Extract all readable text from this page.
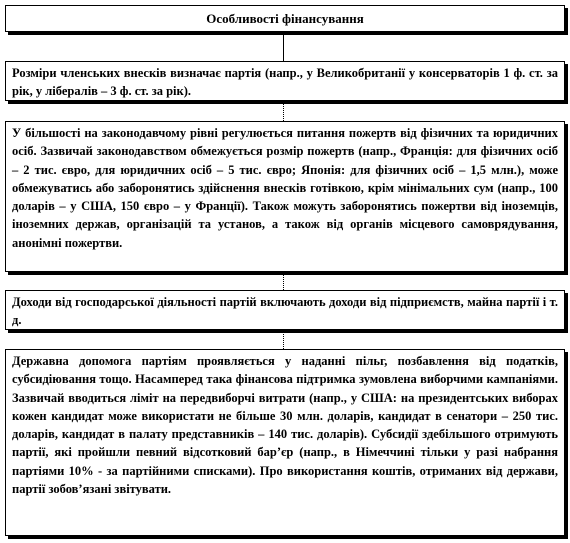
Особливості фінансування
Розміри членських внесків визначає партія (напр., у Великобританії у консерваторів 1 ф. ст. за рік, у лібералів – 3 ф. ст. за рік).
У більшості на законодавчому рівні регулюється питання пожертв від фізичних та юридичних осіб. Зазвичай законодавством обмежується розмір пожертв (напр., Франція: для фізичних осіб – 2 тис. євро, для юридичних осіб – 5 тис. євро; Японія: для фізичних осіб – 1,5 млн.), може обмежуватись або заборонятись здійснення внесків готівкою, крім мінімальних сум (напр., 100 доларів – у США, 150 євро – у Франції). Також можуть заборонятись пожертви від іноземців, іноземних держав, організацій та установ, а також від органів місцевого самоврядування, анонімні пожертви.
Доходи від господарської діяльності партій включають доходи від підприємств, майна партії і т. д.
Державна допомога партіям проявляється у наданні пільг, позбавлення від податків, субсидіювання тощо. Насамперед така фінансова підтримка зумовлена виборчими кампаніями. Зазвичай вводиться ліміт на передвиборчі витрати (напр., у США: на президентських виборах кожен кандидат може використати не більше 30 млн. доларів, кандидат в сенатори – 250 тис. доларів, кандидат в палату представників – 140 тис. доларів). Субсидії здебільшого отримують партії, які пройшли певний відсотковий бар’єр (напр., в Німеччині тільки у разі набрання партіями 10% - за партійними списками). Про використання коштів, отриманих від держави, партії зобов’язані звітувати.
